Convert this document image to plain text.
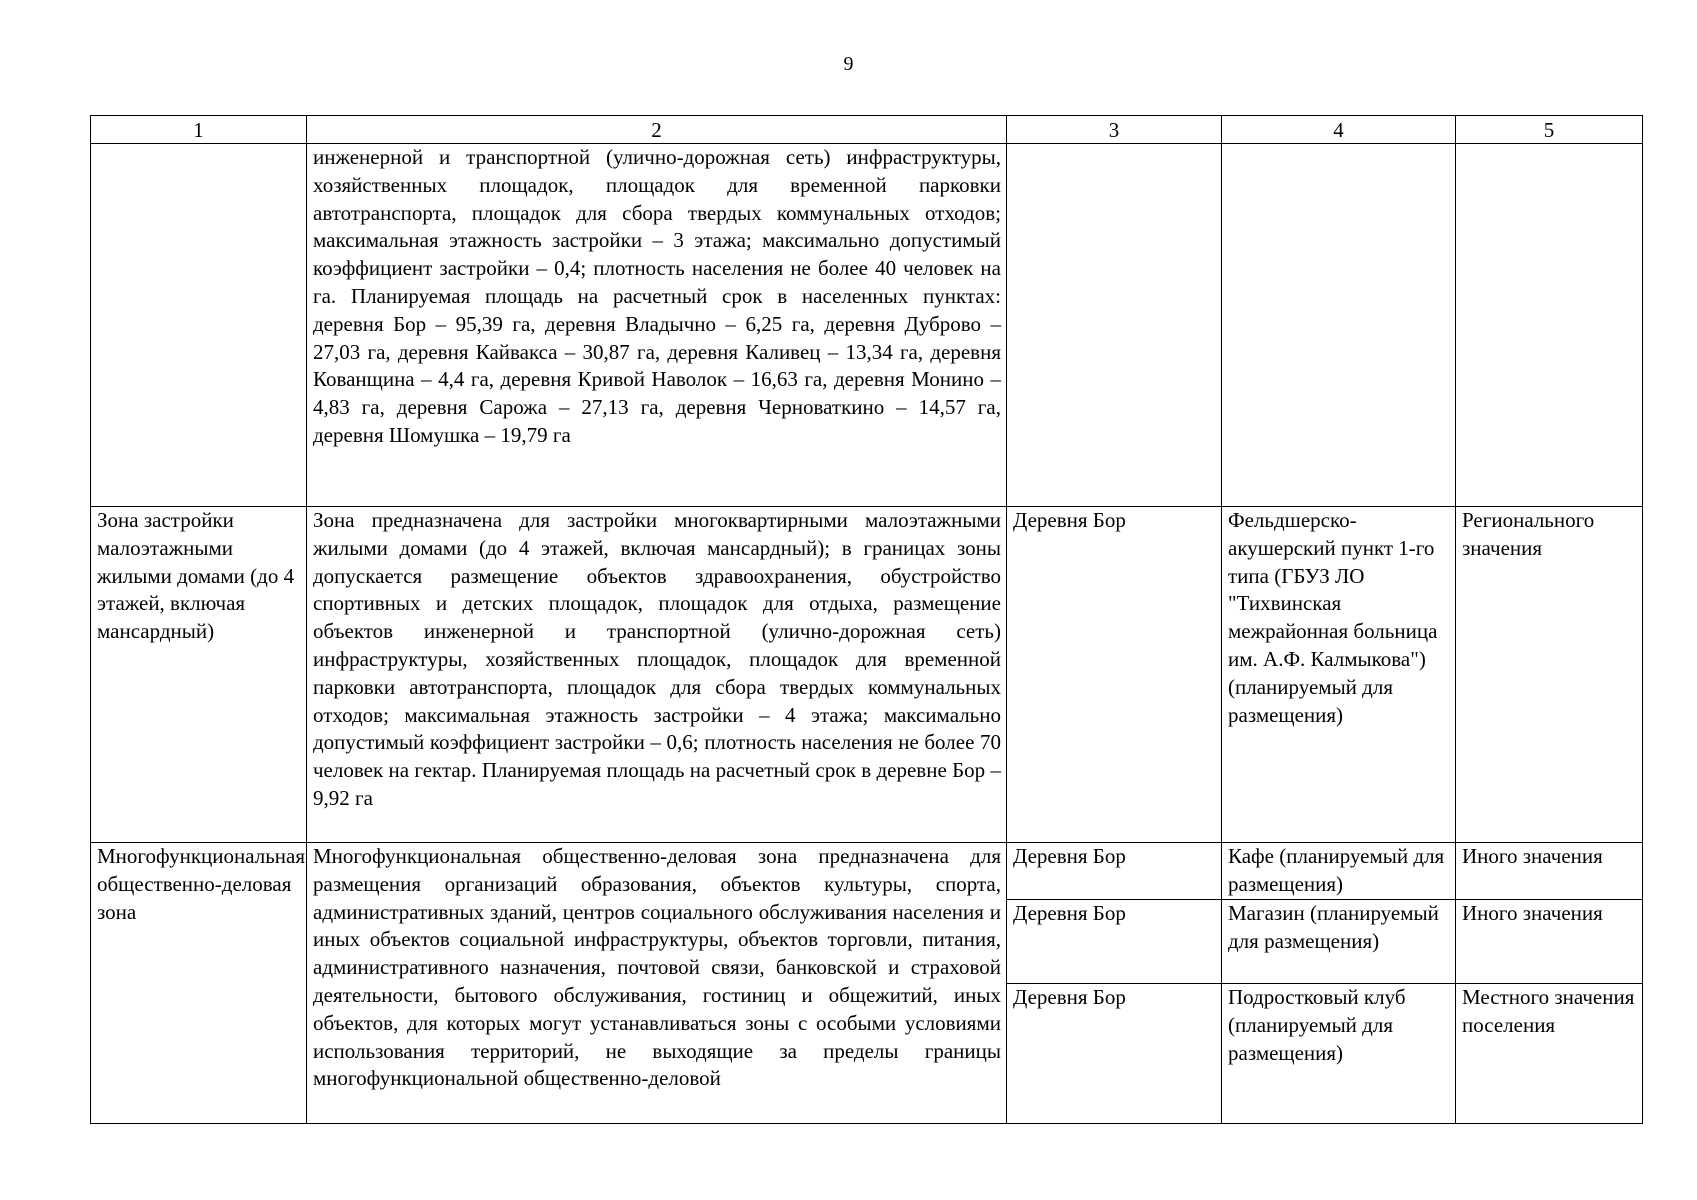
9
1	2	3	4	5
	инженерной и транспортной (улично-дорожная сеть) инфраструктуры, хозяйственных площадок, площадок для временной парковки автотранспорта, площадок для сбора твердых коммунальных отходов; максимальная этажность застройки – 3 этажа; максимально допустимый коэффициент застройки – 0,4; плотность населения не более 40 человек на га. Планируемая площадь на расчетный срок в населенных пунктах: деревня Бор – 95,39 га, деревня Владычно – 6,25 га, деревня Дуброво – 27,03 га, деревня Кайвакса – 30,87 га, деревня Каливец – 13,34 га, деревня Кованщина – 4,4 га, деревня Кривой Наволок – 16,63 га, деревня Монино – 4,83 га, деревня Сарожа – 27,13 га, деревня Черноваткино – 14,57 га, деревня Шомушка – 19,79 га			
Зона застройки малоэтажными жилыми домами (до 4 этажей, включая мансардный)	Зона предназначена для застройки многоквартирными малоэтажными жилыми домами (до 4 этажей, включая мансардный); в границах зоны допускается размещение объектов здравоохранения, обустройство спортивных и детских площадок, площадок для отдыха, размещение объектов инженерной и транспортной (улично-дорожная сеть) инфраструктуры, хозяйственных площадок, площадок для временной парковки автотранспорта, площадок для сбора твердых коммунальных отходов; максимальная этажность застройки – 4 этажа; максимально допустимый коэффициент застройки – 0,6; плотность населения не более 70 человек на гектар. Планируемая площадь на расчетный срок в деревне Бор – 9,92 га	Деревня Бор	Фельдшерско-акушерский пункт 1-го типа (ГБУЗ ЛО "Тихвинская межрайонная больница им. А.Ф. Калмыкова") (планируемый для размещения)	Регионального значения
Многофункциональная общественно-деловая зона	Многофункциональная общественно-деловая зона предназначена для размещения организаций образования, объектов культуры, спорта, административных зданий, центров социального обслуживания населения и иных объектов социальной инфраструктуры, объектов торговли, питания, административного назначения, почтовой связи, банковской и страховой деятельности, бытового обслуживания, гостиниц и общежитий, иных объектов, для которых могут устанавливаться зоны с особыми условиями использования территорий, не выходящие за пределы границы многофункциональной общественно-деловой	Деревня Бор	Кафе (планируемый для размещения)	Иного значения
		Деревня Бор	Магазин (планируемый для размещения)	Иного значения
		Деревня Бор	Подростковый клуб (планируемый для размещения)	Местного значения поселения
